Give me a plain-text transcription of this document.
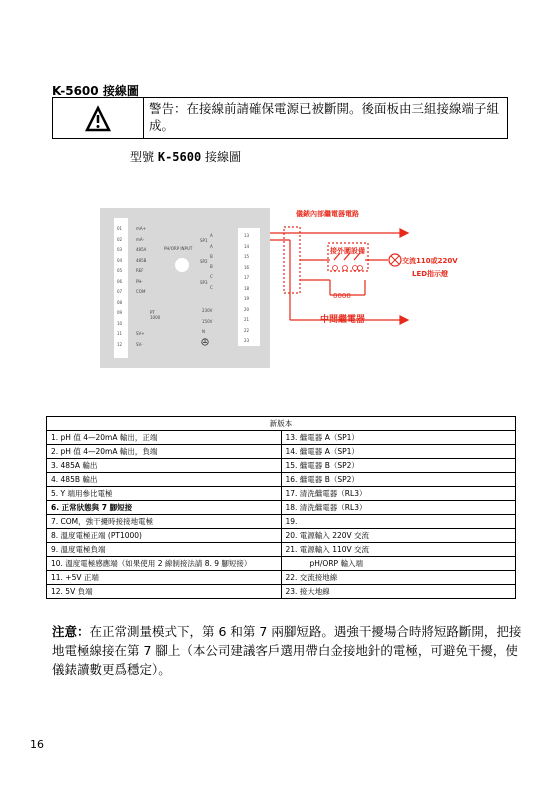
K-5600 接線圖
警告：在接線前請確保電源已被斷開。後面板由三組接線端子組成。
型號 K-5600 接線圖
01
02
03
04
05
06
07
08
09
10
11
12
mA+
mA-
485A
485B
REF
PH-
COM
SV+
SV-
13
14
15
16
17
18
19
20
21
22
23
PH/ORP INPUT
PT 1000
A
SP1
A
B
SP2
B
C
SP3
C
230V
150V
N
儀錶內部繼電器電路
接外圍設備
交流110或220V
LED指示燈
0000
中間繼電器
新版本	
1. pH 值 4—20mA 輸出，正端	13. 繼電器 A（SP1）
2. pH 值 4—20mA 輸出，負端	14. 繼電器 A（SP1）
3. 485A 輸出	15. 繼電器 B（SP2）
4. 485B 輸出	16. 繼電器 B（SP2）
5. Y 端用參比電極	17. 清洗繼電器（RL3）
6. 正常狀態與 7 腳短接	18. 清洗繼電器（RL3）
7. COM，強干擾時接接地電極	19.
8. 溫度電極正端 (PT1000)	20. 電源輸入 220V 交流
9. 溫度電極負端	21. 電源輸入 110V 交流
10. 溫度電極感應端（如果使用 2 線制接法請 8. 9 腳短接）	pH/ORP 輸入端
11. +5V 正端	22. 交流接地線
12. 5V 負端	23. 接大地線
注意：在正常測量模式下，第 6 和第 7 兩腳短路。遇強干擾場合時將短路斷開，把接地電極線接在第 7 腳上（本公司建議客戶選用帶白金接地針的電極，可避免干擾，使儀錶讀數更爲穩定）。
16
